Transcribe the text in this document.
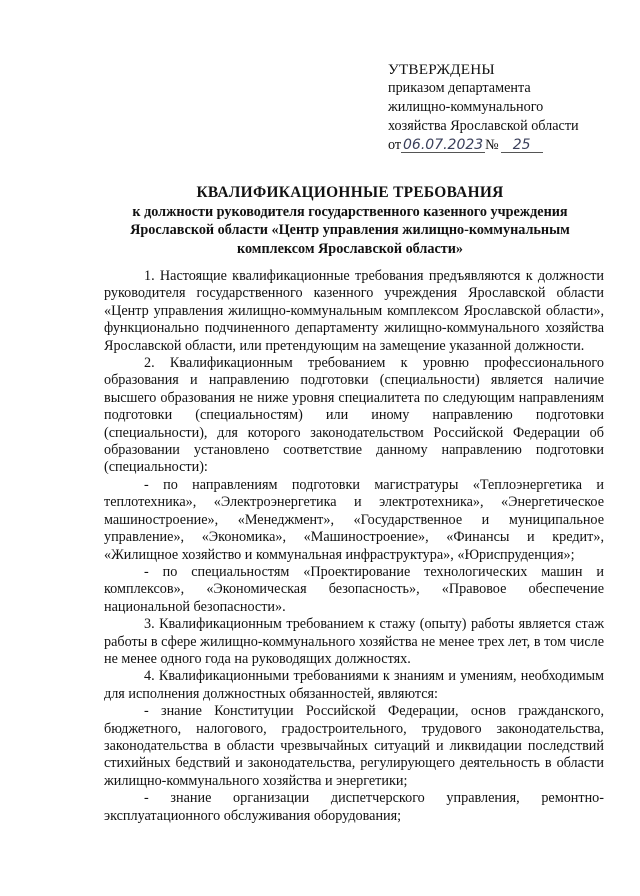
УТВЕРЖДЕНЫ
приказом департамента
жилищно-коммунального
хозяйства Ярославской области
от 06.07.2023 № 25
КВАЛИФИКАЦИОННЫЕ ТРЕБОВАНИЯ
к должности руководителя государственного казенного учреждения
Ярославской области «Центр управления жилищно-коммунальным
комплексом Ярославской области»

1. Настоящие квалификационные требования предъявляются к должности руководителя государственного казенного учреждения Ярославской области «Центр управления жилищно-коммунальным комплексом Ярославской области», функционально подчиненного департаменту жилищно-коммунального хозяйства Ярославской области, или претендующим на замещение указанной должности.

2. Квалификационным требованием к уровню профессионального образования и направлению подготовки (специальности) является наличие высшего образования не ниже уровня специалитета по следующим направлениям подготовки (специальностям) или иному направлению подготовки (специальности), для которого законодательством Российской Федерации об образовании установлено соответствие данному направлению подготовки (специальности):

- по направлениям подготовки магистратуры «Теплоэнергетика и теплотехника», «Электроэнергетика и электротехника», «Энергетическое машиностроение», «Менеджмент», «Государственное и муниципальное управление», «Экономика», «Машиностроение», «Финансы и кредит», «Жилищное хозяйство и коммунальная инфраструктура», «Юриспруденция»;

- по специальностям «Проектирование технологических машин и комплексов», «Экономическая безопасность», «Правовое обеспечение национальной безопасности».

3. Квалификационным требованием к стажу (опыту) работы является стаж работы в сфере жилищно-коммунального хозяйства не менее трех лет, в том числе не менее одного года на руководящих должностях.

4. Квалификационными требованиями к знаниям и умениям, необходимым для исполнения должностных обязанностей, являются:

- знание Конституции Российской Федерации, основ гражданского, бюджетного, налогового, градостроительного, трудового законодательства, законодательства в области чрезвычайных ситуаций и ликвидации последствий стихийных бедствий и законодательства, регулирующего деятельность в области жилищно-коммунального хозяйства и энергетики;

- знание организации диспетчерского управления, ремонтно-эксплуатационного обслуживания оборудования;
